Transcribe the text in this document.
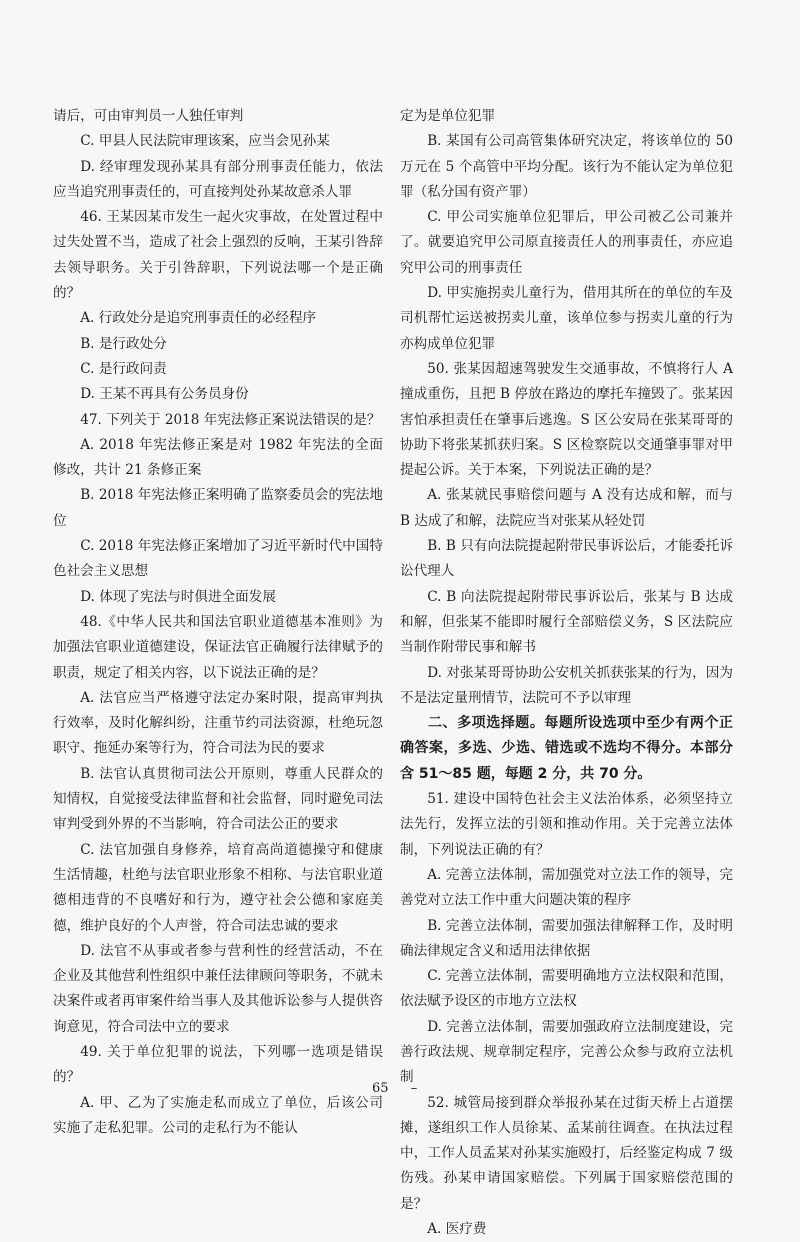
请后，可由审判员一人独任审判

C. 甲县人民法院审理该案，应当会见孙某

D. 经审理发现孙某具有部分刑事责任能力，依法应当追究刑事责任的，可直接判处孙某故意杀人罪

46. 王某因某市发生一起火灾事故，在处置过程中过失处置不当，造成了社会上强烈的反响，王某引咎辞去领导职务。关于引咎辞职，下列说法哪一个是正确的？

A. 行政处分是追究刑事责任的必经程序

B. 是行政处分

C. 是行政问责

D. 王某不再具有公务员身份

47. 下列关于 2018 年宪法修正案说法错误的是？

A. 2018 年宪法修正案是对 1982 年宪法的全面修改，共计 21 条修正案

B. 2018 年宪法修正案明确了监察委员会的宪法地位

C. 2018 年宪法修正案增加了习近平新时代中国特色社会主义思想

D. 体现了宪法与时俱进全面发展

48.《中华人民共和国法官职业道德基本准则》为加强法官职业道德建设，保证法官正确履行法律赋予的职责，规定了相关内容，以下说法正确的是？

A. 法官应当严格遵守法定办案时限，提高审判执行效率，及时化解纠纷，注重节约司法资源，杜绝玩忽职守、拖延办案等行为，符合司法为民的要求

B. 法官认真贯彻司法公开原则，尊重人民群众的知情权，自觉接受法律监督和社会监督，同时避免司法审判受到外界的不当影响，符合司法公正的要求

C. 法官加强自身修养，培育高尚道德操守和健康生活情趣，杜绝与法官职业形象不相称、与法官职业道德相违背的不良嗜好和行为，遵守社会公德和家庭美德，维护良好的个人声誉，符合司法忠诚的要求

D. 法官不从事或者参与营利性的经营活动，不在企业及其他营利性组织中兼任法律顾问等职务，不就未决案件或者再审案件给当事人及其他诉讼参与人提供咨询意见，符合司法中立的要求

49. 关于单位犯罪的说法，下列哪一选项是错误的？

A. 甲、乙为了实施走私而成立了单位，后该公司实施了走私犯罪。公司的走私行为不能认

定为是单位犯罪

B. 某国有公司高管集体研究决定，将该单位的 50 万元在 5 个高管中平均分配。该行为不能认定为单位犯罪（私分国有资产罪）

C. 甲公司实施单位犯罪后，甲公司被乙公司兼并了。就要追究甲公司原直接责任人的刑事责任，亦应追究甲公司的刑事责任

D. 甲实施拐卖儿童行为，借用其所在的单位的车及司机帮忙运送被拐卖儿童，该单位参与拐卖儿童的行为亦构成单位犯罪

50. 张某因超速驾驶发生交通事故，不慎将行人 A 撞成重伤，且把 B 停放在路边的摩托车撞毁了。张某因害怕承担责任在肇事后逃逸。S 区公安局在张某哥哥的协助下将张某抓获归案。S 区检察院以交通肇事罪对甲提起公诉。关于本案，下列说法正确的是？

A. 张某就民事赔偿问题与 A 没有达成和解，而与 B 达成了和解，法院应当对张某从轻处罚

B. B 只有向法院提起附带民事诉讼后，才能委托诉讼代理人

C. B 向法院提起附带民事诉讼后，张某与 B 达成和解，但张某不能即时履行全部赔偿义务，S 区法院应当制作附带民事和解书

D. 对张某哥哥协助公安机关抓获张某的行为，因为不是法定量刑情节，法院可不予以审理

二、多项选择题。每题所设选项中至少有两个正确答案，多选、少选、错选或不选均不得分。本部分含 51～85 题，每题 2 分，共 70 分。

51. 建设中国特色社会主义法治体系，必须坚持立法先行，发挥立法的引领和推动作用。关于完善立法体制，下列说法正确的有？

A. 完善立法体制，需加强党对立法工作的领导，完善党对立法工作中重大问题决策的程序

B. 完善立法体制，需要加强法律解释工作，及时明确法律规定含义和适用法律依据

C. 完善立法体制，需要明确地方立法权限和范围，依法赋予设区的市地方立法权

D. 完善立法体制，需要加强政府立法制度建设，完善行政法规、规章制定程序，完善公众参与政府立法机制

52. 城管局接到群众举报孙某在过街天桥上占道摆摊，遂组织工作人员徐某、孟某前往调查。在执法过程中，工作人员孟某对孙某实施殴打，后经鉴定构成 7 级伤残。孙某申请国家赔偿。下列属于国家赔偿范围的是？

A. 医疗费

65 –
